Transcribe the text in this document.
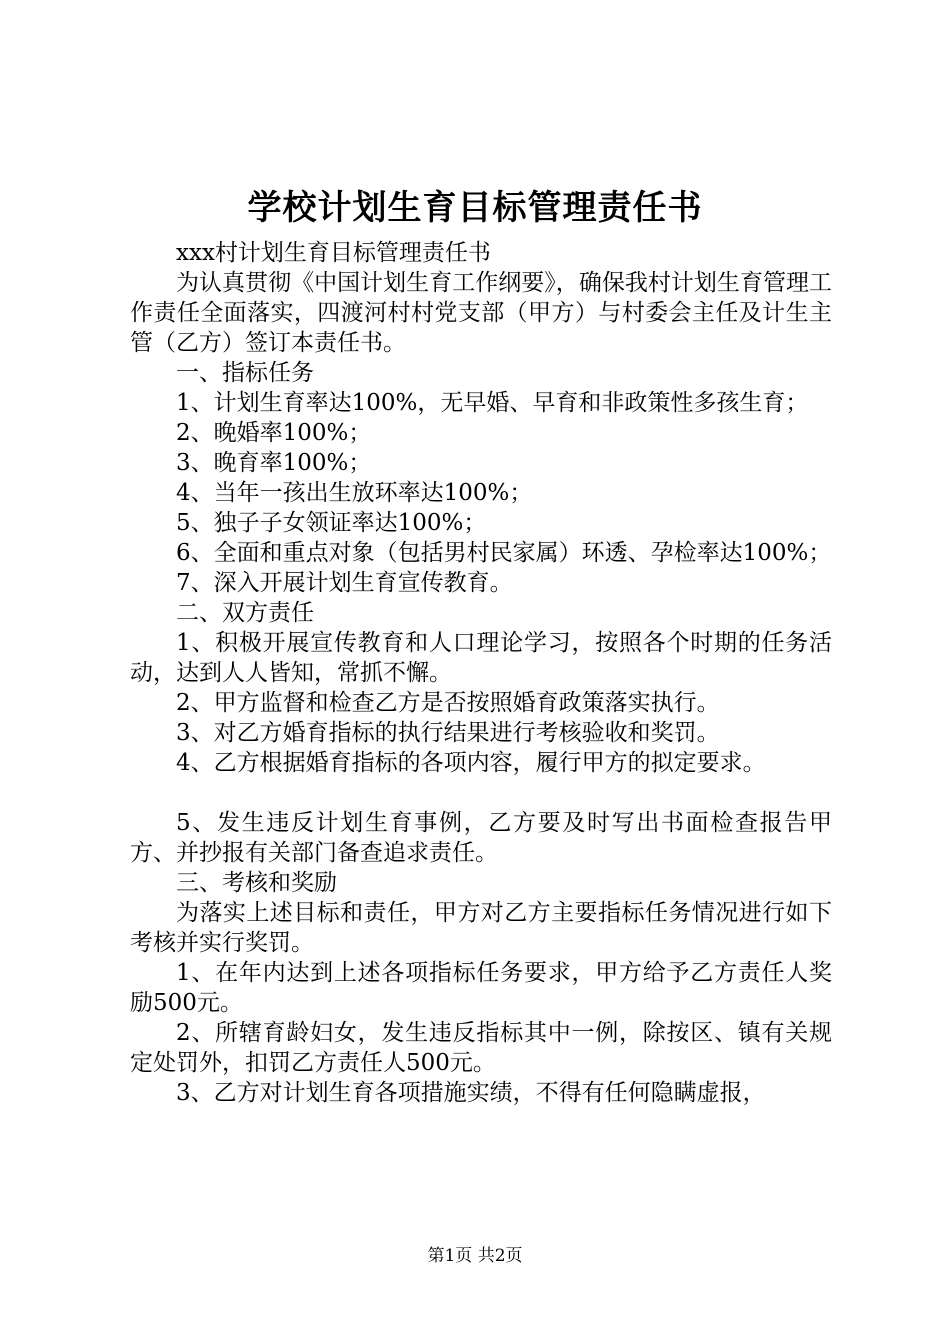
学校计划生育目标管理责任书

xxx村计划生育目标管理责任书

为认真贯彻《中国计划生育工作纲要》，确保我村计划生育管理工作责任全面落实，四渡河村村党支部（甲方）与村委会主任及计生主管（乙方）签订本责任书。

一、指标任务

1、计划生育率达100%，无早婚、早育和非政策性多孩生育；

2、晚婚率100%；

3、晚育率100%；

4、当年一孩出生放环率达100%；

5、独子子女领证率达100%；

6、全面和重点对象（包括男村民家属）环透、孕检率达100%；

7、深入开展计划生育宣传教育。

二、双方责任

1、积极开展宣传教育和人口理论学习，按照各个时期的任务活动，达到人人皆知，常抓不懈。

2、甲方监督和检查乙方是否按照婚育政策落实执行。

3、对乙方婚育指标的执行结果进行考核验收和奖罚。

4、乙方根据婚育指标的各项内容，履行甲方的拟定要求。

5、发生违反计划生育事例，乙方要及时写出书面检查报告甲方、并抄报有关部门备查追求责任。

三、考核和奖励

为落实上述目标和责任，甲方对乙方主要指标任务情况进行如下考核并实行奖罚。

1、在年内达到上述各项指标任务要求，甲方给予乙方责任人奖励500元。

2、所辖育龄妇女，发生违反指标其中一例，除按区、镇有关规定处罚外，扣罚乙方责任人500元。

3、乙方对计划生育各项措施实绩，不得有任何隐瞒虚报，

第1页 共2页
